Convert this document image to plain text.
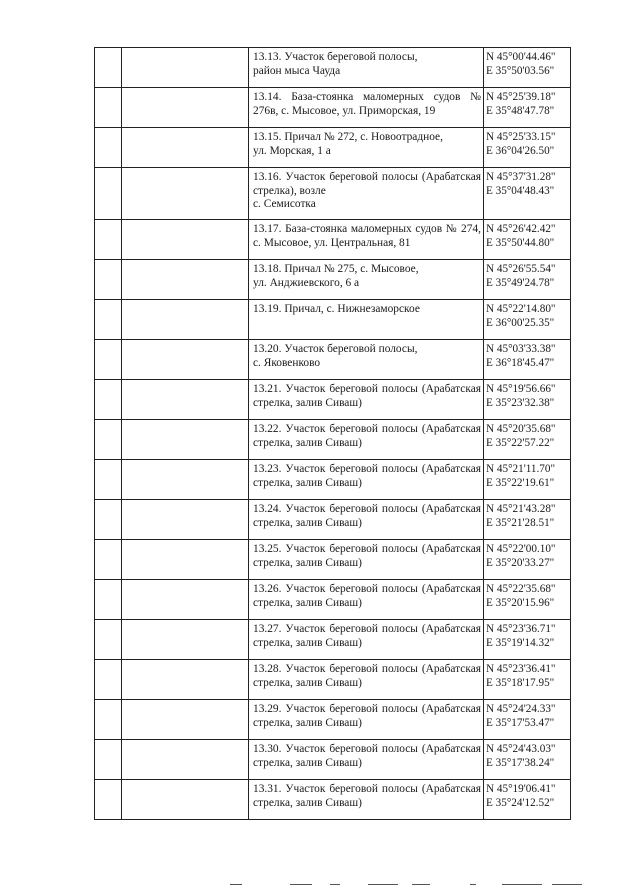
		13.13. Участок береговой полосы,
район мыса Чауда	N 45°00'44.46"
E 35°50'03.56"

		13.14. База-стоянка маломерных судов № 276в, с. Мысовое, ул. Приморская, 19	N 45°25'39.18"
E 35°48'47.78"

		13.15. Причал № 272, с. Новоотрадное,
ул. Морская, 1 а	N 45°25'33.15"
E 36°04'26.50"

		13.16. Участок береговой полосы (Арабатская стрелка), возле
с. Семисотка	N 45°37'31.28"
E 35°04'48.43"

		13.17. База-стоянка маломерных судов № 274, с. Мысовое, ул. Центральная, 81	N 45°26'42.42"
E 35°50'44.80"

		13.18. Причал № 275, с. Мысовое,
ул. Анджиевского, 6 а	N 45°26'55.54"
E 35°49'24.78"

		13.19. Причал, с. Нижнезаморское	N 45°22'14.80"
E 36°00'25.35"

		13.20. Участок береговой полосы,
с. Яковенково	N 45°03'33.38"
E 36°18'45.47"

		13.21. Участок береговой полосы (Арабатская стрелка, залив Сиваш)	N 45°19'56.66"
E 35°23'32.38"

		13.22. Участок береговой полосы (Арабатская стрелка, залив Сиваш)	N 45°20'35.68"
E 35°22'57.22"

		13.23. Участок береговой полосы (Арабатская стрелка, залив Сиваш)	N 45°21'11.70"
E 35°22'19.61"

		13.24. Участок береговой полосы (Арабатская стрелка, залив Сиваш)	N 45°21'43.28"
E 35°21'28.51"

		13.25. Участок береговой полосы (Арабатская стрелка, залив Сиваш)	N 45°22'00.10"
E 35°20'33.27"

		13.26. Участок береговой полосы (Арабатская стрелка, залив Сиваш)	N 45°22'35.68"
E 35°20'15.96"

		13.27. Участок береговой полосы (Арабатская стрелка, залив Сиваш)	N 45°23'36.71"
E 35°19'14.32"

		13.28. Участок береговой полосы (Арабатская стрелка, залив Сиваш)	N 45°23'36.41"
E 35°18'17.95"

		13.29. Участок береговой полосы (Арабатская стрелка, залив Сиваш)	N 45°24'24.33"
E 35°17'53.47"

		13.30. Участок береговой полосы (Арабатская стрелка, залив Сиваш)	N 45°24'43.03"
E 35°17'38.24"

		13.31. Участок береговой полосы (Арабатская стрелка, залив Сиваш)	N 45°19'06.41"
E 35°24'12.52"
